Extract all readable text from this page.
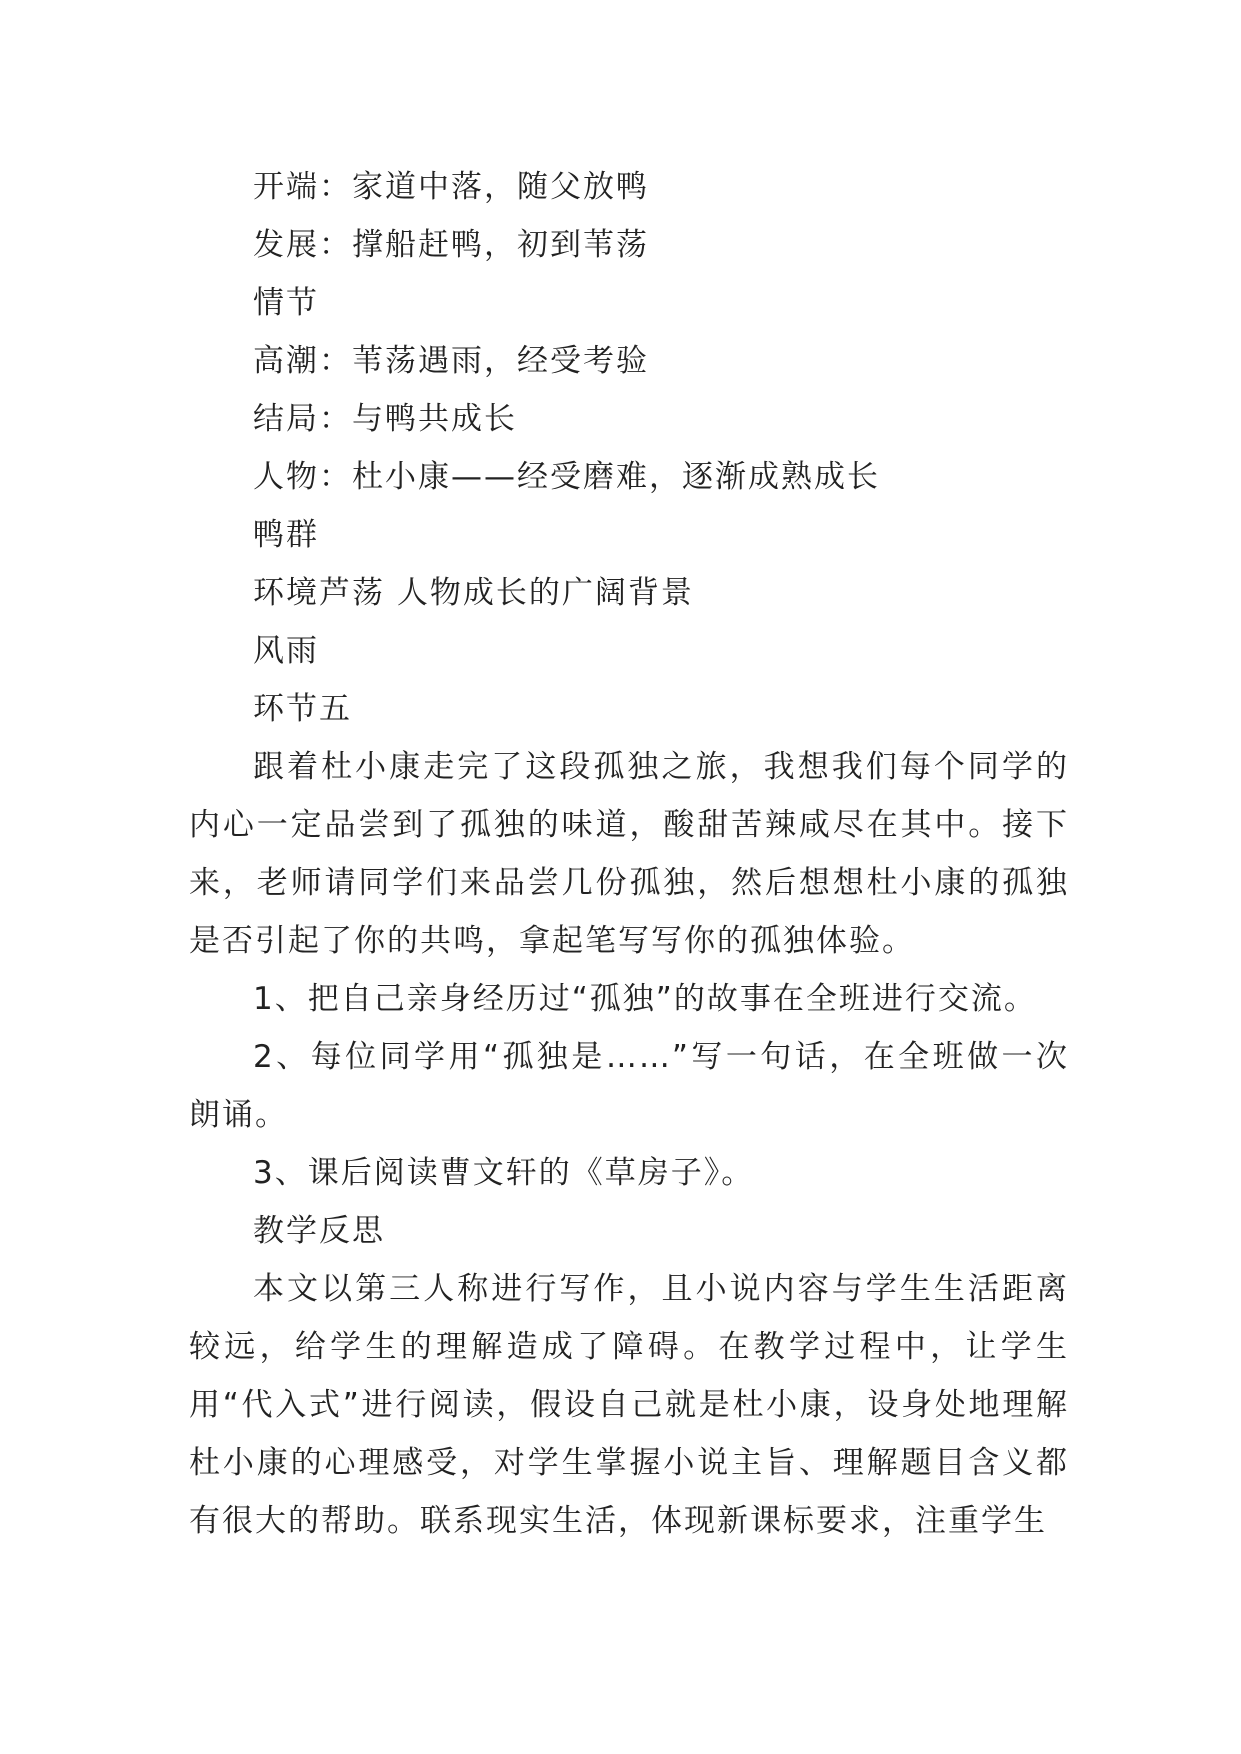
开端：家道中落，随父放鸭
发展：撑船赶鸭，初到苇荡
情节
高潮：苇荡遇雨，经受考验
结局：与鸭共成长
人物：杜小康——经受磨难，逐渐成熟成长
鸭群
环境芦荡 人物成长的广阔背景
风雨
环节五
跟着杜小康走完了这段孤独之旅，我想我们每个同学的内心一定品尝到了孤独的味道，酸甜苦辣咸尽在其中。接下来，老师请同学们来品尝几份孤独，然后想想杜小康的孤独是否引起了你的共鸣，拿起笔写写你的孤独体验。
1、把自己亲身经历过“孤独”的故事在全班进行交流。
2、每位同学用“孤独是……”写一句话，在全班做一次朗诵。
3、课后阅读曹文轩的《草房子》。
教学反思
本文以第三人称进行写作，且小说内容与学生生活距离较远，给学生的理解造成了障碍。在教学过程中，让学生用“代入式”进行阅读，假设自己就是杜小康，设身处地理解杜小康的心理感受，对学生掌握小说主旨、理解题目含义都有很大的帮助。联系现实生活，体现新课标要求，注重学生
